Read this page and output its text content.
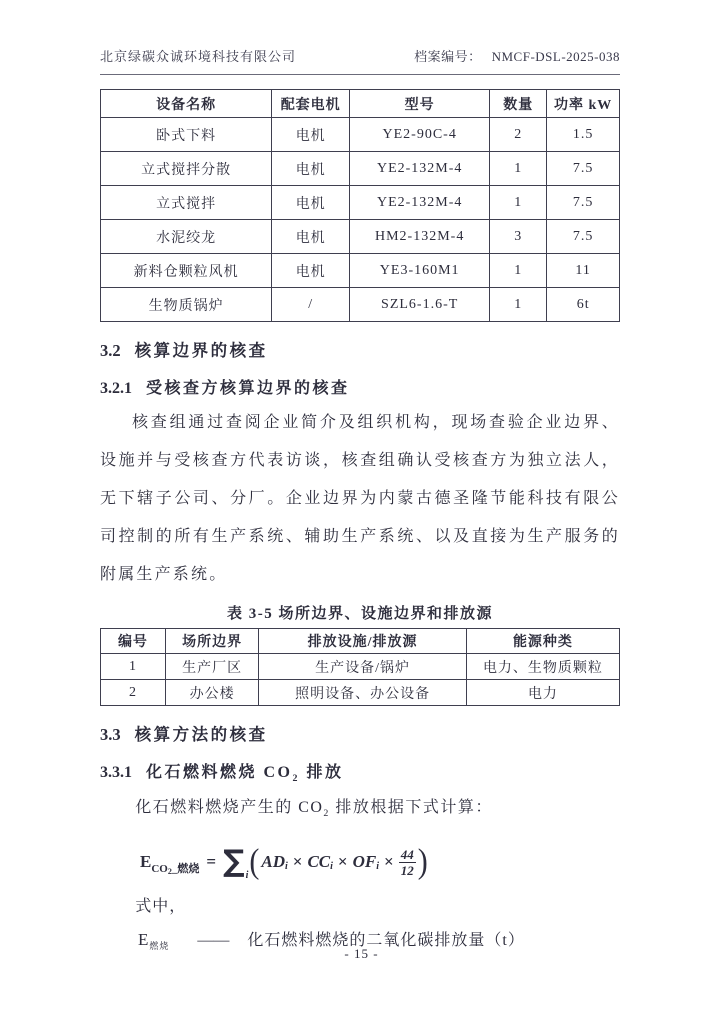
北京绿碳众诚环境科技有限公司	档案编号： NMCF-DSL-2025-038
设备名称	配套电机	型号	数量	功率 kW
卧式下料	电机	YE2-90C-4	2	1.5
立式搅拌分散	电机	YE2-132M-4	1	7.5
立式搅拌	电机	YE2-132M-4	1	7.5
水泥绞龙	电机	HM2-132M-4	3	7.5
新料仓颗粒风机	电机	YE3-160M1	1	11
生物质锅炉	/	SZL6-1.6-T	1	6t
3.2 核算边界的核查
3.2.1 受核查方核算边界的核查

核查组通过查阅企业简介及组织机构，现场查验企业边界、设施并与受核查方代表访谈，核查组确认受核查方为独立法人，无下辖子公司、分厂。企业边界为内蒙古德圣隆节能科技有限公司控制的所有生产系统、辅助生产系统、以及直接为生产服务的附属生产系统。

表 3-5 场所边界、设施边界和排放源
编号	场所边界	排放设施/排放源	能源种类
1	生产厂区	生产设备/锅炉	电力、生物质颗粒
2	办公楼	照明设备、办公设备	电力
3.3 核算方法的核查
3.3.1 化石燃料燃烧 $CO_2$ 排放

化石燃料燃烧产生的 $CO_2$ 排放根据下式计算：

$E_{CO2\_燃烧}$ = ∑ i ( AD i × CC i × OF $i \times \frac{44}{12}$ )

式中，

$E_{燃烧}$ —— 化石燃料燃烧的二氧化碳排放量（t）
- 15 -
